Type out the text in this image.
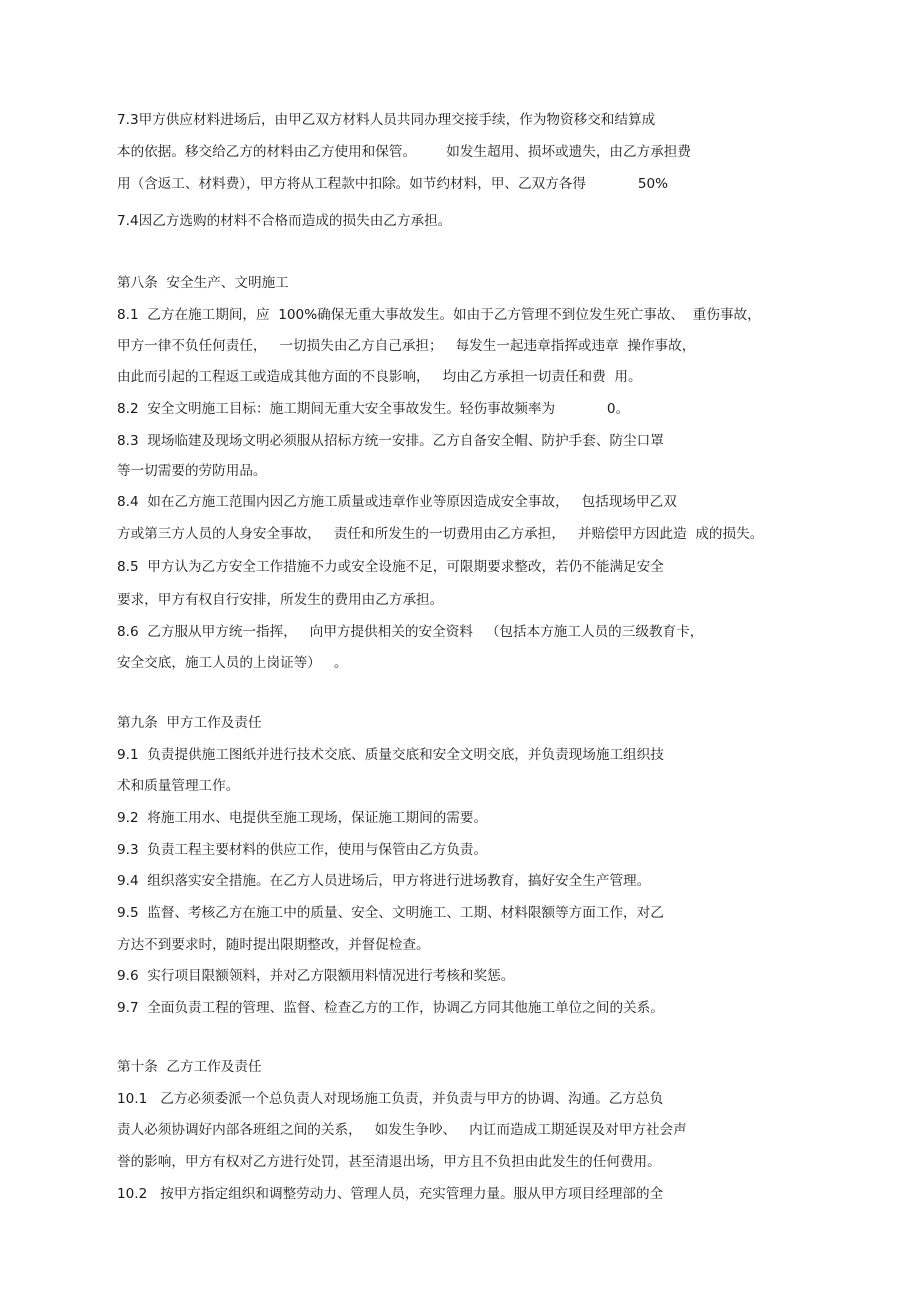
7.3甲方供应材料进场后，由甲乙双方材料人员共同办理交接手续，作为物资移交和结算成
本的依据。移交给乙方的材料由乙方使用和保管。       如发生超用、损坏或遗失，由乙方承担费
用（含返工、材料费），甲方将从工程款中扣除。如节约材料，甲、乙双方各得            50%
7.4因乙方选购的材料不合格而造成的损失由乙方承担。
第八条  安全生产、文明施工
8.1  乙方在施工期间，应  100%确保无重大事故发生。如由于乙方管理不到位发生死亡事故、  重伤事故，
甲方一律不负任何责任，   一切损失由乙方自己承担；   每发生一起违章指挥或违章  操作事故，
由此而引起的工程返工或造成其他方面的不良影响，   均由乙方承担一切责任和费  用。
8.2  安全文明施工目标：施工期间无重大安全事故发生。轻伤事故频率为            0。
8.3  现场临建及现场文明必须服从招标方统一安排。乙方自备安全帽、防护手套、防尘口罩
等一切需要的劳防用品。
8.4  如在乙方施工范围内因乙方施工质量或违章作业等原因造成安全事故，   包括现场甲乙双
方或第三方人员的人身安全事故，   责任和所发生的一切费用由乙方承担，   并赔偿甲方因此造  成的损失。
8.5  甲方认为乙方安全工作措施不力或安全设施不足，可限期要求整改，若仍不能满足安全
要求，甲方有权自行安排，所发生的费用由乙方承担。
8.6  乙方服从甲方统一指挥，   向甲方提供相关的安全资料   （包括本方施工人员的三级教育卡，
安全交底，施工人员的上岗证等）   。
第九条  甲方工作及责任
9.1  负责提供施工图纸并进行技术交底、质量交底和安全文明交底，并负责现场施工组织技
术和质量管理工作。
9.2  将施工用水、电提供至施工现场，保证施工期间的需要。
9.3  负责工程主要材料的供应工作，使用与保管由乙方负责。
9.4  组织落实安全措施。在乙方人员进场后，甲方将进行进场教育，搞好安全生产管理。
9.5  监督、考核乙方在施工中的质量、安全、文明施工、工期、材料限额等方面工作，对乙
方达不到要求时，随时提出限期整改，并督促检查。
9.6  实行项目限额领料，并对乙方限额用料情况进行考核和奖惩。
9.7  全面负责工程的管理、监督、检查乙方的工作，协调乙方同其他施工单位之间的关系。
第十条  乙方工作及责任
10.1   乙方必须委派一个总负责人对现场施工负责，并负责与甲方的协调、沟通。乙方总负
责人必须协调好内部各班组之间的关系，   如发生争吵、   内讧而造成工期延误及对甲方社会声
誉的影响，甲方有权对乙方进行处罚，甚至清退出场，甲方且不负担由此发生的任何费用。
10.2   按甲方指定组织和调整劳动力、管理人员，充实管理力量。服从甲方项目经理部的全
